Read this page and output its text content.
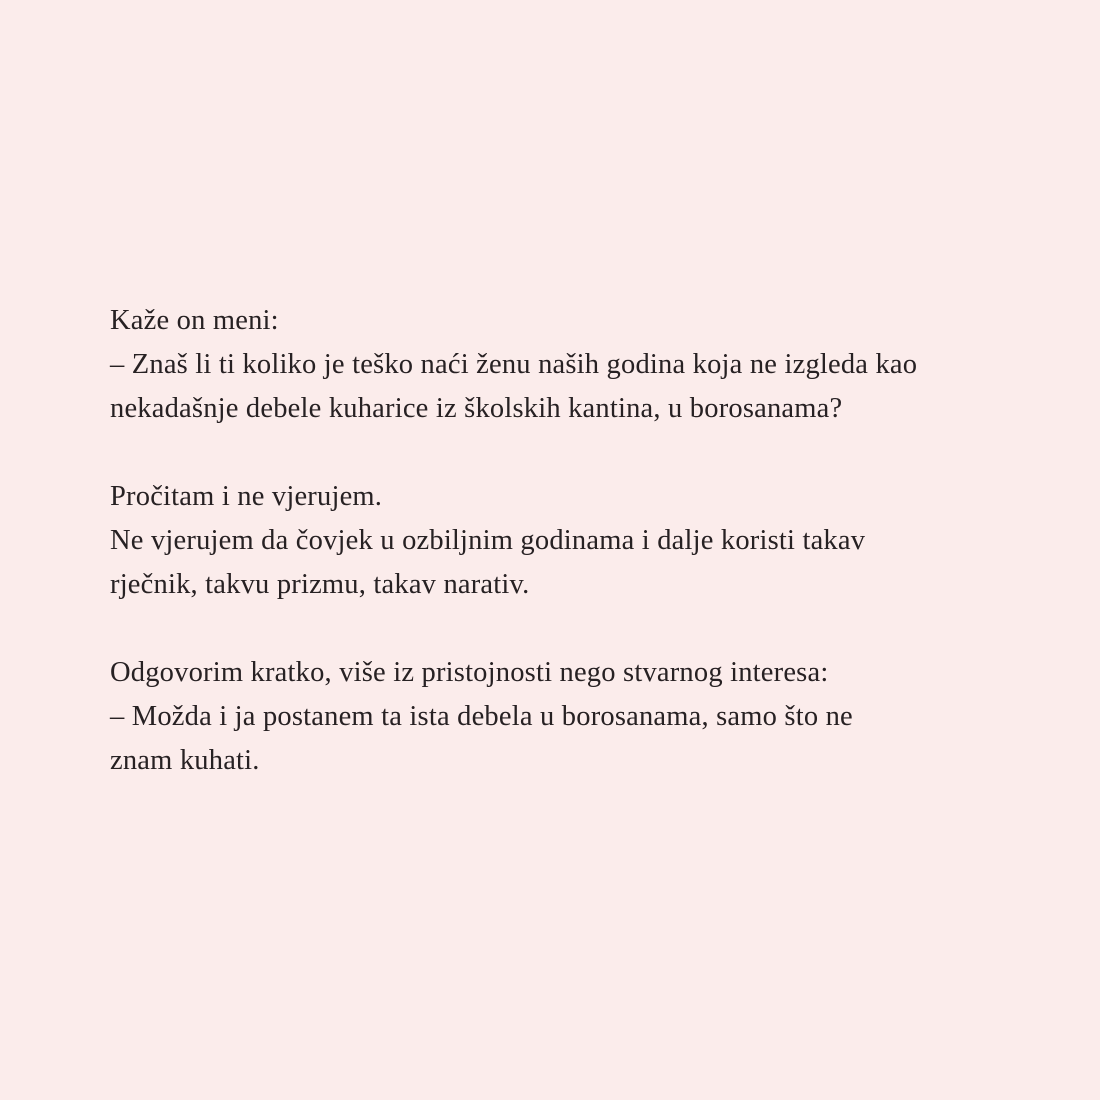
Kaže on meni:
– Znaš li ti koliko je teško naći ženu naših godina koja ne izgleda kao
nekadašnje debele kuharice iz školskih kantina, u borosanama?
Pročitam i ne vjerujem.
Ne vjerujem da čovjek u ozbiljnim godinama i dalje koristi takav
rječnik, takvu prizmu, takav narativ.
Odgovorim kratko, više iz pristojnosti nego stvarnog interesa:
– Možda i ja postanem ta ista debela u borosanama, samo što ne
znam kuhati.
